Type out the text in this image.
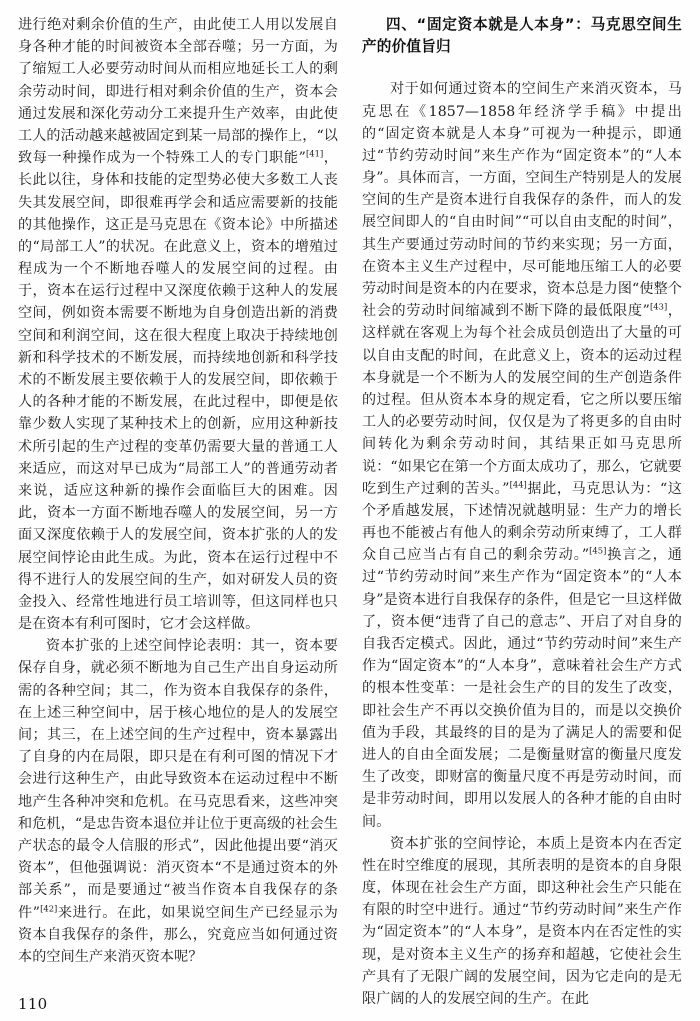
进行绝对剩余价值的生产，由此使工人用以发展自身各种才能的时间被资本全部吞噬；另一方面，为了缩短工人必要劳动时间从而相应地延长工人的剩余劳动时间，即进行相对剩余价值的生产，资本会通过发展和深化劳动分工来提升生产效率，由此使工人的活动越来越被固定到某一局部的操作上，“以致每一种操作成为一个特殊工人的专门职能”[41]，长此以往，身体和技能的定型势必使大多数工人丧失其发展空间，即很难再学会和适应需要新的技能的其他操作，这正是马克思在《资本论》中所描述的“局部工人”的状况。在此意义上，资本的增殖过程成为一个不断地吞噬人的发展空间的过程。由于，资本在运行过程中又深度依赖于这种人的发展空间，例如资本需要不断地为自身创造出新的消费空间和利润空间，这在很大程度上取决于持续地创新和科学技术的不断发展，而持续地创新和科学技术的不断发展主要依赖于人的发展空间，即依赖于人的各种才能的不断发展，在此过程中，即便是依靠少数人实现了某种技术上的创新，应用这种新技术所引起的生产过程的变革仍需要大量的普通工人来适应，而这对早已成为“局部工人”的普通劳动者来说，适应这种新的操作会面临巨大的困难。因此，资本一方面不断地吞噬人的发展空间，另一方面又深度依赖于人的发展空间，资本扩张的人的发展空间悖论由此生成。为此，资本在运行过程中不得不进行人的发展空间的生产，如对研发人员的资金投入、经常性地进行员工培训等，但这同样也只是在资本有利可图时，它才会这样做。

资本扩张的上述空间悖论表明：其一，资本要保存自身，就必须不断地为自己生产出自身运动所需的各种空间；其二，作为资本自我保存的条件，在上述三种空间中，居于核心地位的是人的发展空间；其三，在上述空间的生产过程中，资本暴露出了自身的内在局限，即只是在有利可图的情况下才会进行这种生产，由此导致资本在运动过程中不断地产生各种冲突和危机。在马克思看来，这些冲突和危机，“是忠告资本退位并让位于更高级的社会生产状态的最令人信服的形式”，因此他提出要“消灭资本”，但他强调说：消灭资本“不是通过资本的外部关系”，而是要通过“被当作资本自我保存的条件”[42]来进行。在此，如果说空间生产已经显示为资本自我保存的条件，那么，究竟应当如何通过资本的空间生产来消灭资本呢？

四、“固定资本就是人本身”：马克思空间生产的价值旨归

对于如何通过资本的空间生产来消灭资本，马克思在《1857—1858年经济学手稿》中提出的“固定资本就是人本身”可视为一种提示，即通过“节约劳动时间”来生产作为“固定资本”的“人本身”。具体而言，一方面，空间生产特别是人的发展空间的生产是资本进行自我保存的条件，而人的发展空间即人的“自由时间”“可以自由支配的时间”，其生产要通过劳动时间的节约来实现；另一方面，在资本主义生产过程中，尽可能地压缩工人的必要劳动时间是资本的内在要求，资本总是力图“使整个社会的劳动时间缩减到不断下降的最低限度”[43]，这样就在客观上为每个社会成员创造出了大量的可以自由支配的时间，在此意义上，资本的运动过程本身就是一个不断为人的发展空间的生产创造条件的过程。但从资本本身的规定看，它之所以要压缩工人的必要劳动时间，仅仅是为了将更多的自由时间转化为剩余劳动时间，其结果正如马克思所说：“如果它在第一个方面太成功了，那么，它就要吃到生产过剩的苦头。”[44]据此，马克思认为：“这个矛盾越发展，下述情况就越明显：生产力的增长再也不能被占有他人的剩余劳动所束缚了，工人群众自己应当占有自己的剩余劳动。”[45]换言之，通过“节约劳动时间”来生产作为“固定资本”的“人本身”是资本进行自我保存的条件，但是它一旦这样做了，资本便“违背了自己的意志”、开启了对自身的自我否定模式。因此，通过“节约劳动时间”来生产作为“固定资本”的“人本身”，意味着社会生产方式的根本性变革：一是社会生产的目的发生了改变，即社会生产不再以交换价值为目的，而是以交换价值为手段，其最终的目的是为了满足人的需要和促进人的自由全面发展；二是衡量财富的衡量尺度发生了改变，即财富的衡量尺度不再是劳动时间，而是非劳动时间，即用以发展人的各种才能的自由时间。

资本扩张的空间悖论，本质上是资本内在否定性在时空维度的展现，其所表明的是资本的自身限度，体现在社会生产方面，即这种社会生产只能在有限的时空中进行。通过“节约劳动时间”来生产作为“固定资本”的“人本身”，是资本内在否定性的实现，是对资本主义生产的扬弃和超越，它使社会生产具有了无限广阔的发展空间，因为它走向的是无限广阔的人的发展空间的生产。在此

110
